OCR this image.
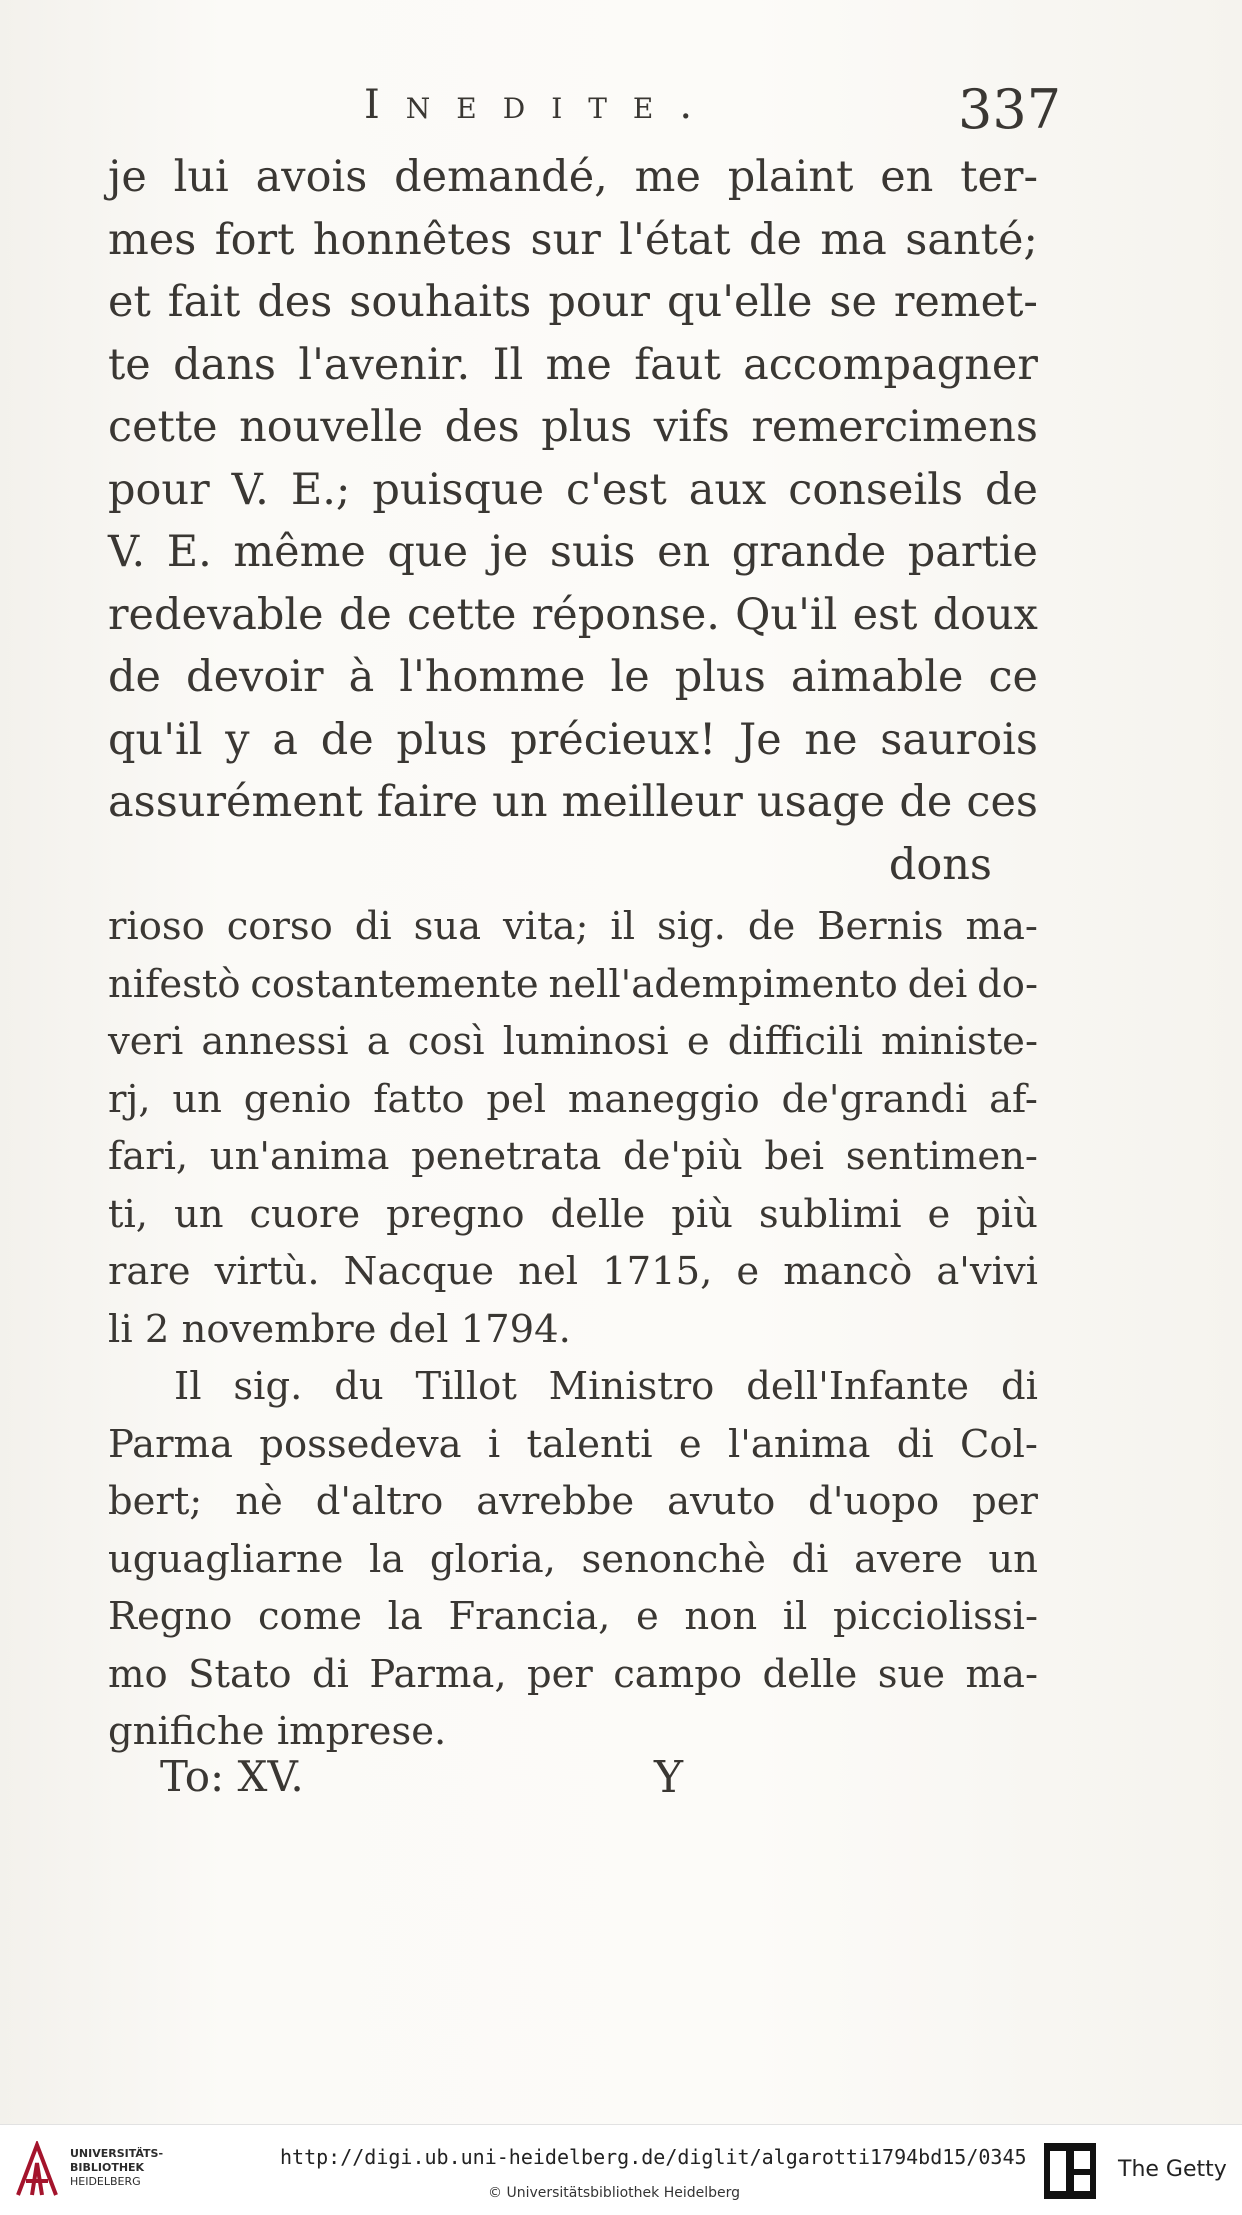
Inedite.	337
je lui avois demandé, me plaint en ter-
mes fort honnêtes sur l'état de ma santé;
et fait des souhaits pour qu'elle se remet-
te dans l'avenir. Il me faut accompagner
cette nouvelle des plus vifs remercimens
pour V. E.; puisque c'est aux conseils de
V. E. même que je suis en grande partie
redevable de cette réponse. Qu'il est doux
de devoir à l'homme le plus aimable ce
qu'il y a de plus précieux! Je ne saurois
assurément faire un meilleur usage de ces
dons
rioso corso di sua vita; il sig. de Bernis ma-
nifestò costantemente nell'adempimento dei do-
veri annessi a così luminosi e difficili ministe-
rj, un genio fatto pel maneggio de'grandi af-
fari, un'anima penetrata de'più bei sentimen-
ti, un cuore pregno delle più sublimi e più
rare virtù. Nacque nel 1715, e mancò a'vivi
li 2 novembre del 1794.
Il sig. du Tillot Ministro dell'Infante di
Parma possedeva i talenti e l'anima di Col-
bert; nè d'altro avrebbe avuto d'uopo per
uguagliarne la gloria, senonchè di avere un
Regno come la Francia, e non il picciolissi-
mo Stato di Parma, per campo delle sue ma-
gnifiche imprese.
To: XV.	Y
UNIVERSITÄTS-
BIBLIOTHEK
HEIDELBERG
http://digi.ub.uni-heidelberg.de/diglit/algarotti1794bd15/0345
© Universitätsbibliothek Heidelberg
The Getty
